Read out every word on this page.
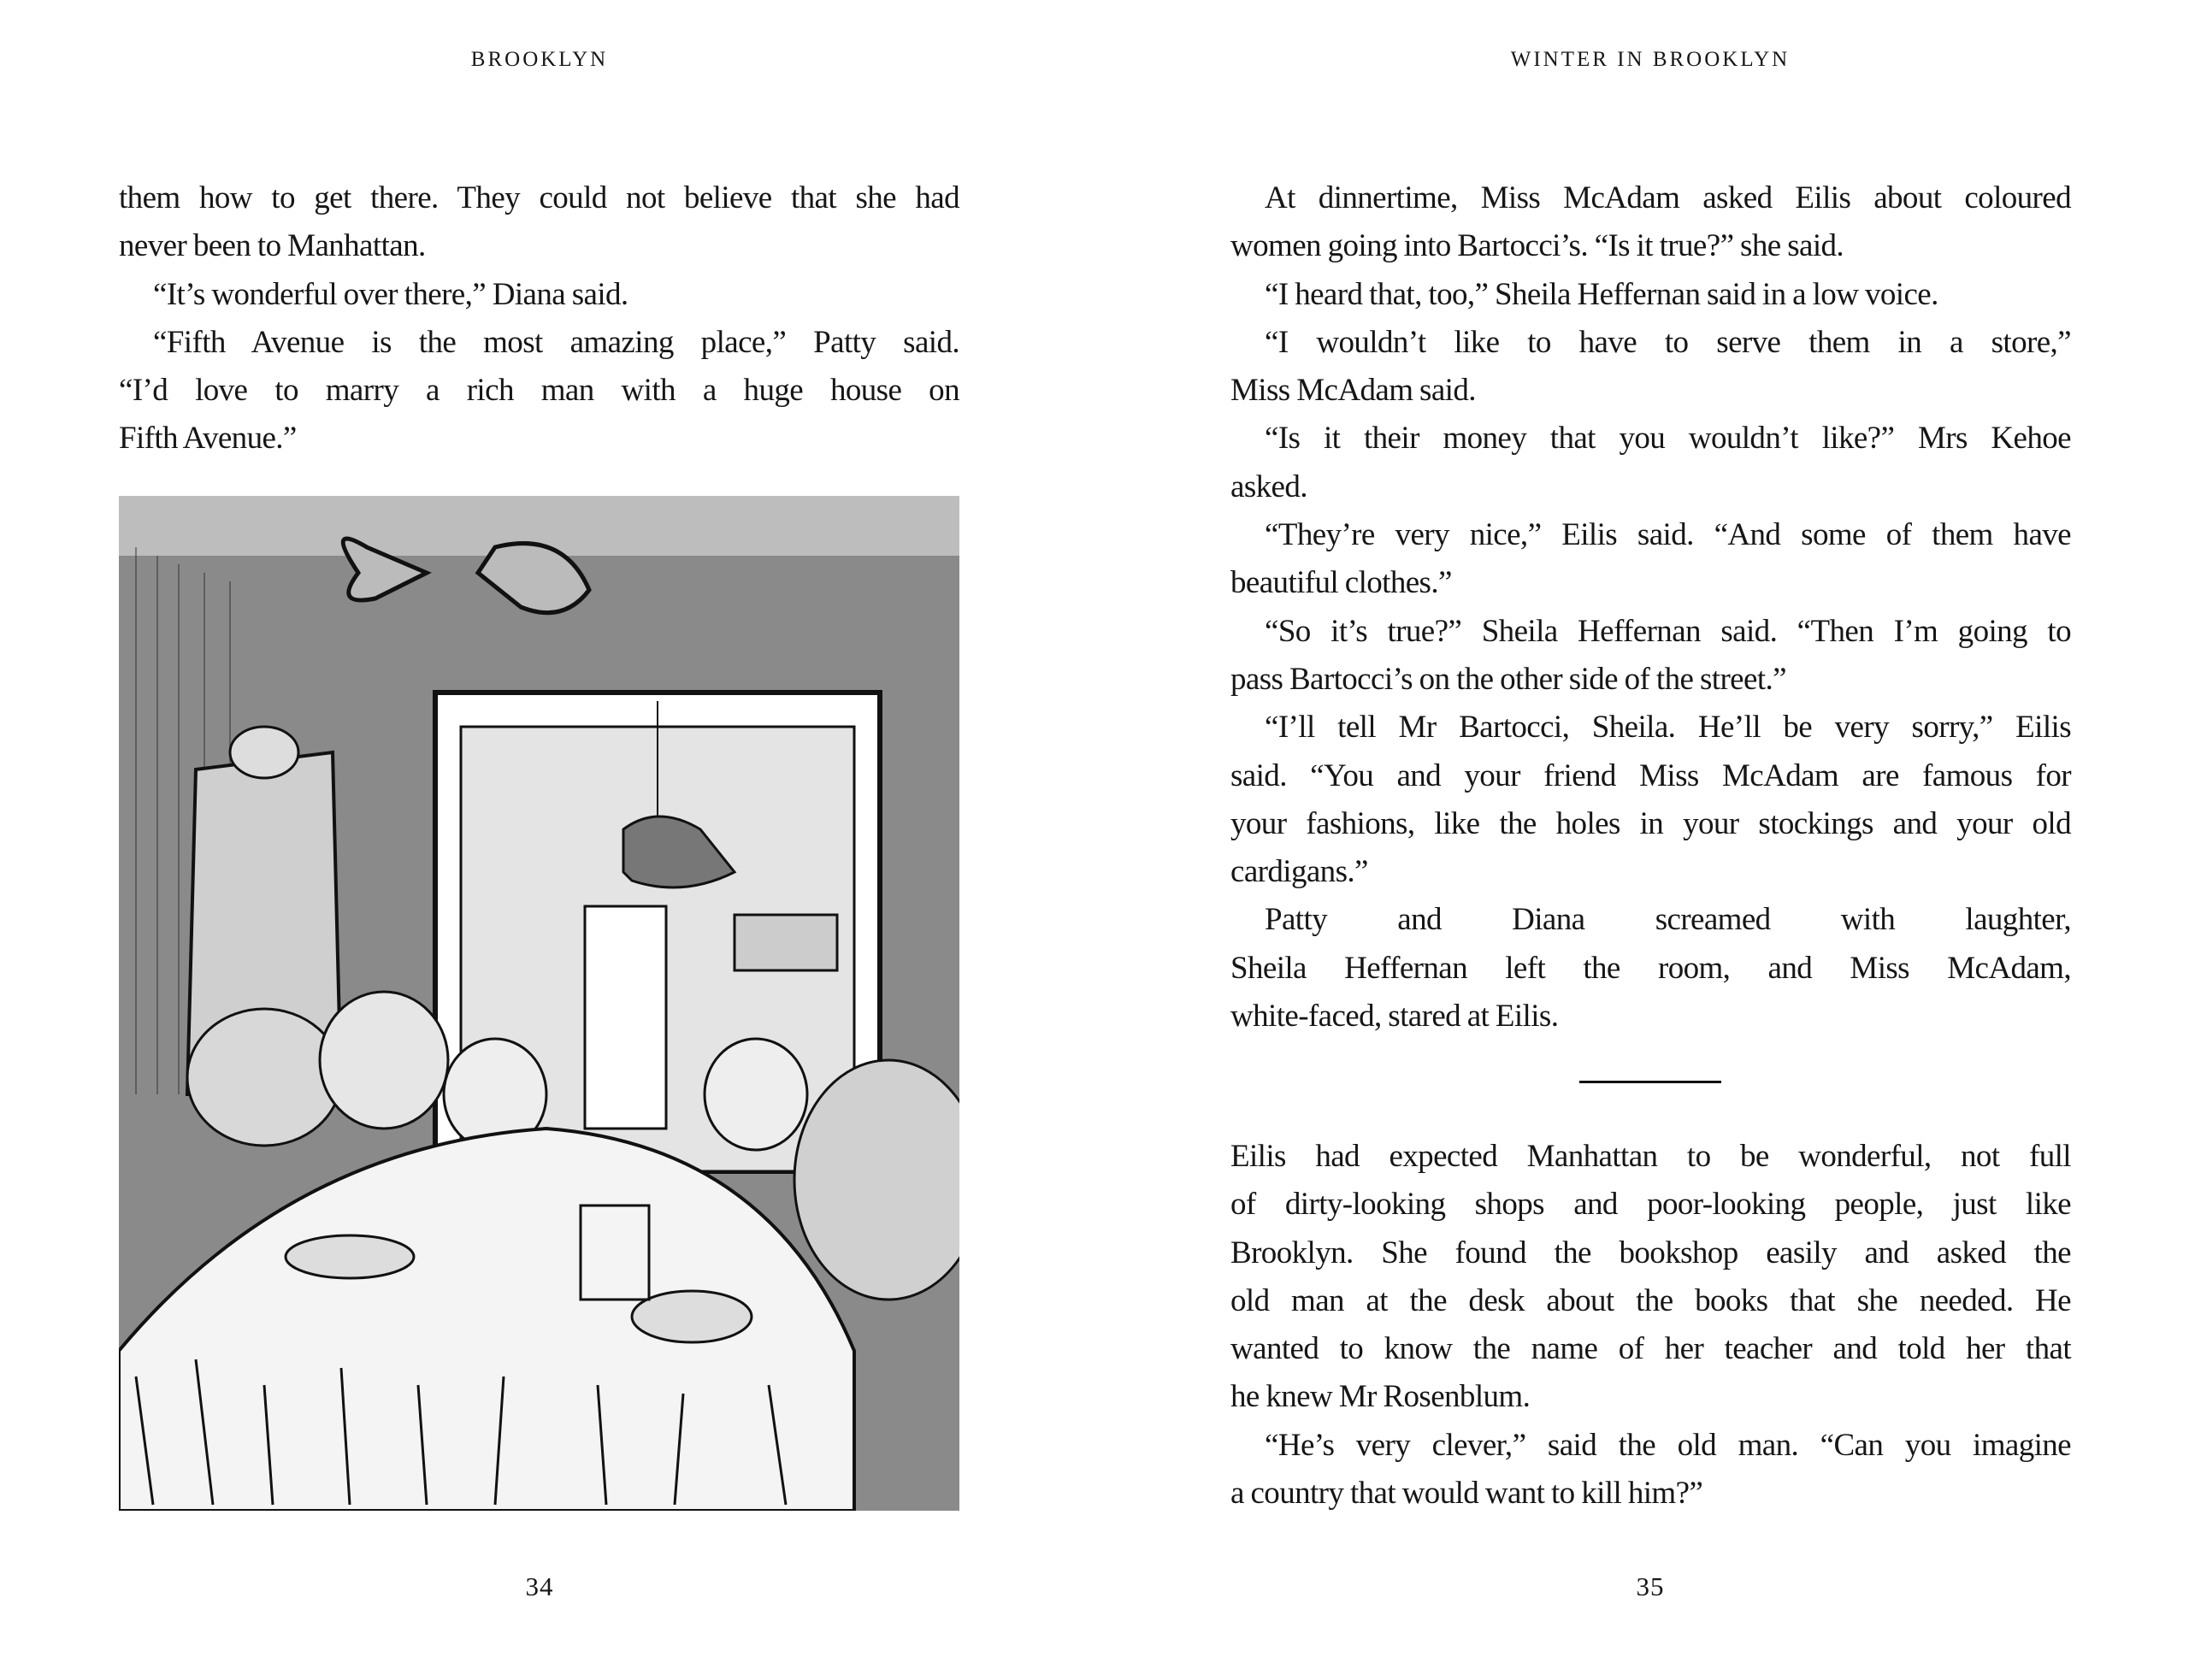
BROOKLYN
them how to get there. They could not believe that she had
never been to Manhattan.
“It’s wonderful over there,” Diana said.
“Fifth Avenue is the most amazing place,” Patty said.
“I’d love to marry a rich man with a huge house on
Fifth Avenue.”
34
WINTER IN BROOKLYN
At dinnertime, Miss McAdam asked Eilis about coloured
women going into Bartocci’s. “Is it true?” she said.
“I heard that, too,” Sheila Heffernan said in a low voice.
“I wouldn’t like to have to serve them in a store,”
Miss McAdam said.
“Is it their money that you wouldn’t like?” Mrs Kehoe
asked.
“They’re very nice,” Eilis said. “And some of them have
beautiful clothes.”
“So it’s true?” Sheila Heffernan said. “Then I’m going to
pass Bartocci’s on the other side of the street.”
“I’ll tell Mr Bartocci, Sheila. He’ll be very sorry,” Eilis
said. “You and your friend Miss McAdam are famous for
your fashions, like the holes in your stockings and your old
cardigans.”
Patty and Diana screamed with laughter,
Sheila Heffernan left the room, and Miss McAdam,
white-faced, stared at Eilis.
Eilis had expected Manhattan to be wonderful, not full
of dirty-looking shops and poor-looking people, just like
Brooklyn. She found the bookshop easily and asked the
old man at the desk about the books that she needed. He
wanted to know the name of her teacher and told her that
he knew Mr Rosenblum.
“He’s very clever,” said the old man. “Can you imagine
a country that would want to kill him?”
35
